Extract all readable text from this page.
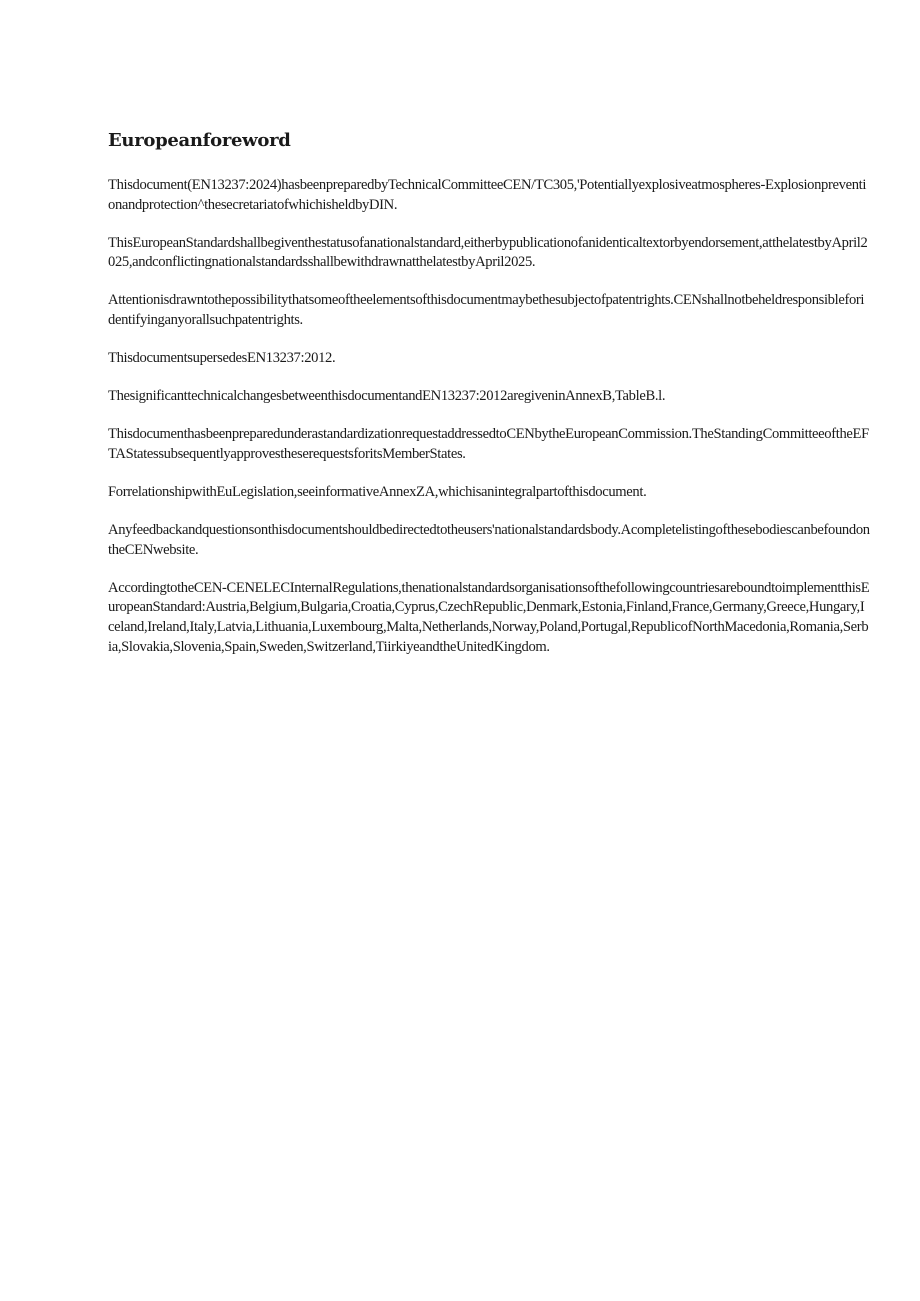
Europeanforeword

Thisdocument(EN13237:2024)hasbeenpreparedbyTechnicalCommitteeCEN/TC305,'Potentiallyexplosiveatmospheres-Explosionpreventionandprotection^thesecretariatofwhichisheldbyDIN.

ThisEuropeanStandardshallbegiventhestatusofanationalstandard,eitherbypublicationofanidenticaltextorbyendorsement,atthelatestbyApril2025,andconflictingnationalstandardsshallbewithdrawnatthelatestbyApril2025.

Attentionisdrawntothepossibilitythatsomeoftheelementsofthisdocumentmaybethesubjectofpatentrights.CENshallnotbeheldresponsibleforidentifyinganyorallsuchpatentrights.

ThisdocumentsupersedesEN13237:2012.

ThesignificanttechnicalchangesbetweenthisdocumentandEN13237:2012aregiveninAnnexB,TableB.l.

ThisdocumenthasbeenpreparedunderastandardizationrequestaddressedtoCENbytheEuropeanCommission.TheStandingCommitteeoftheEFTAStatessubsequentlyapprovestheserequestsforitsMemberStates.

ForrelationshipwithEuLegislation,seeinformativeAnnexZA,whichisanintegralpartofthisdocument.

Anyfeedbackandquestionsonthisdocumentshouldbedirectedtotheusers'nationalstandardsbody.AcompletelistingofthesebodiescanbefoundontheCENwebsite.

AccordingtotheCEN-CENELECInternalRegulations,thenationalstandardsorganisationsofthefollowingcountriesareboundtoimplementthisEuropeanStandard:Austria,Belgium,Bulgaria,Croatia,Cyprus,CzechRepublic,Denmark,Estonia,Finland,France,Germany,Greece,Hungary,Iceland,Ireland,Italy,Latvia,Lithuania,Luxembourg,Malta,Netherlands,Norway,Poland,Portugal,RepublicofNorthMacedonia,Romania,Serbia,Slovakia,Slovenia,Spain,Sweden,Switzerland,TiirkiyeandtheUnitedKingdom.
